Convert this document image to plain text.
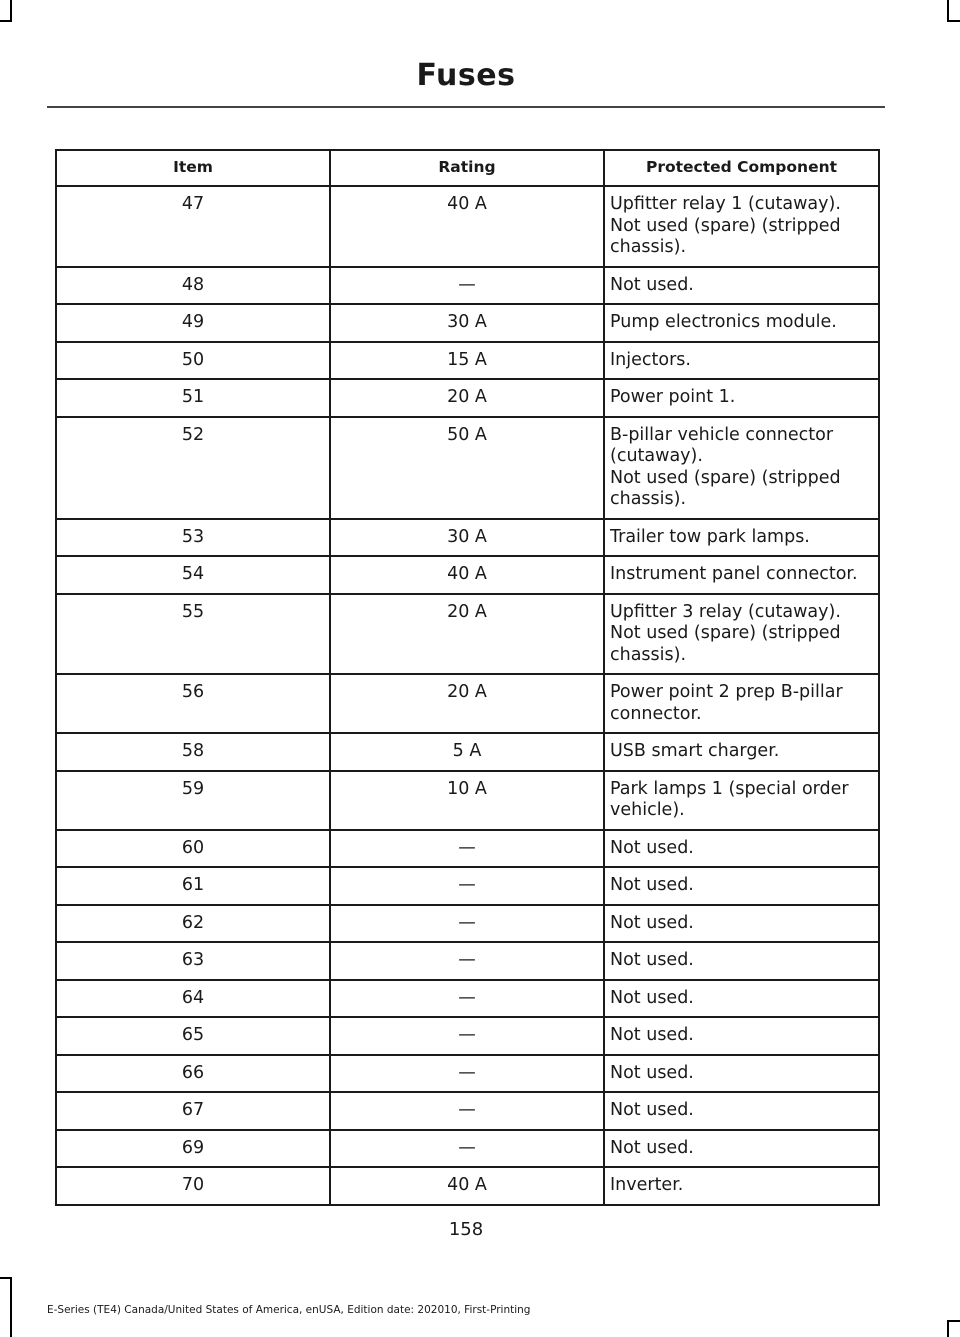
Fuses
Item	Rating	Protected Component
47	40 A	Upfitter relay 1 (cutaway).
Not used (spare) (stripped
chassis).

48	—	Not used.

49	30 A	Pump electronics module.

50	15 A	Injectors.

51	20 A	Power point 1.

52	50 A	B-pillar vehicle connector
(cutaway).
Not used (spare) (stripped
chassis).

53	30 A	Trailer tow park lamps.

54	40 A	Instrument panel connector.

55	20 A	Upfitter 3 relay (cutaway).
Not used (spare) (stripped
chassis).

56	20 A	Power point 2 prep B-pillar
connector.

58	5 A	USB smart charger.

59	10 A	Park lamps 1 (special order
vehicle).

60	—	Not used.

61	—	Not used.

62	—	Not used.

63	—	Not used.

64	—	Not used.

65	—	Not used.

66	—	Not used.

67	—	Not used.

69	—	Not used.

70	40 A	Inverter.
158
E-Series (TE4) Canada/United States of America, enUSA, Edition date: 202010, First-Printing
